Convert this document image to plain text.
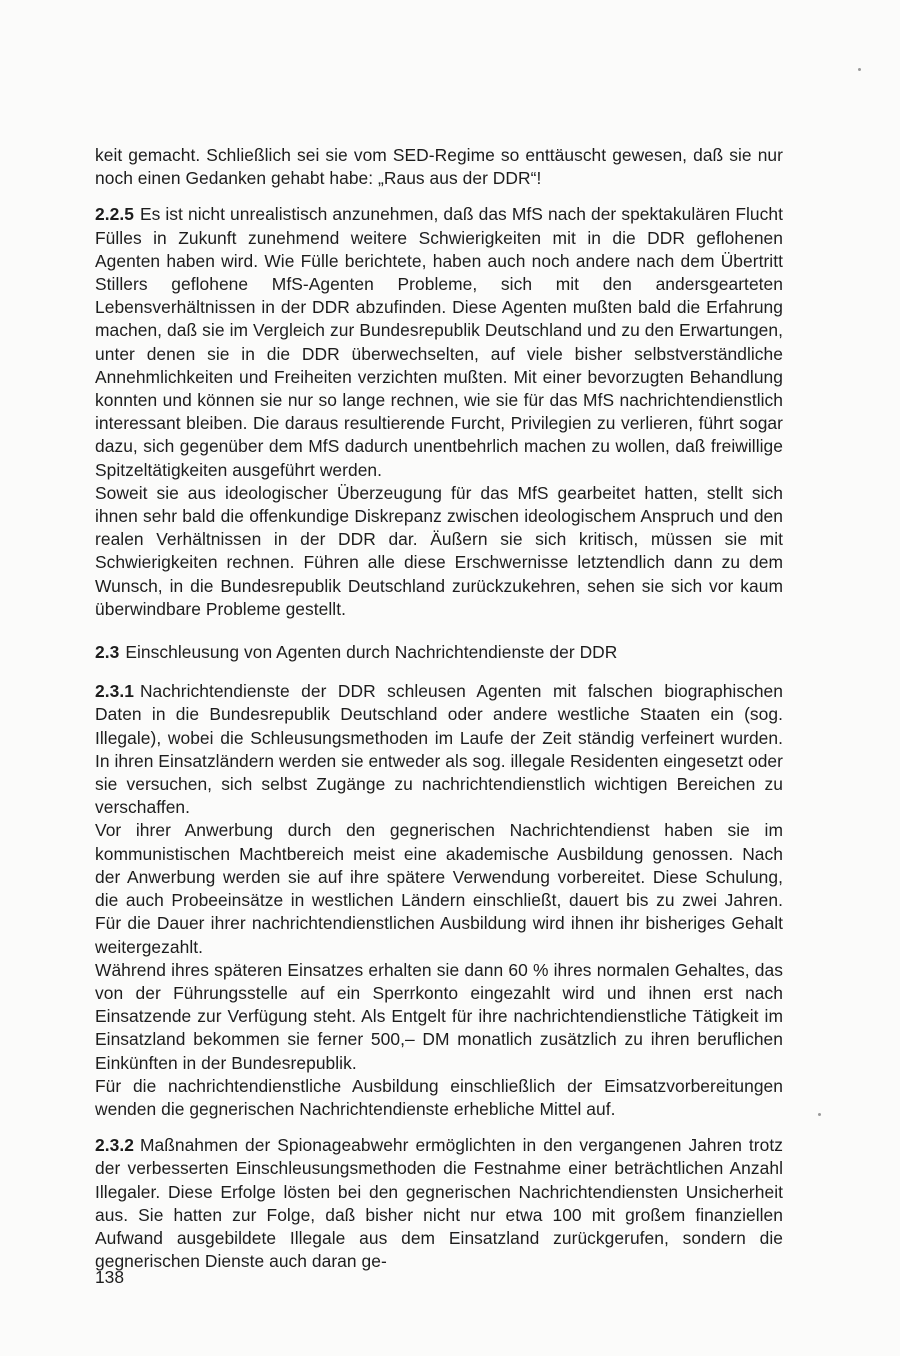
keit gemacht. Schließlich sei sie vom SED-Regime so enttäuscht gewesen, daß sie nur noch einen Gedanken gehabt habe: „Raus aus der DDR“!

2.2.5 Es ist nicht unrealistisch anzunehmen, daß das MfS nach der spektakulären Flucht Fülles in Zukunft zunehmend weitere Schwierigkeiten mit in die DDR geflohenen Agenten haben wird. Wie Fülle berichtete, haben auch noch andere nach dem Übertritt Stillers geflohene MfS-Agenten Probleme, sich mit den andersgearteten Lebensverhältnissen in der DDR abzufinden. Diese Agenten mußten bald die Erfahrung machen, daß sie im Vergleich zur Bundesrepublik Deutschland und zu den Erwartungen, unter denen sie in die DDR überwechselten, auf viele bisher selbstverständliche Annehmlichkeiten und Freiheiten verzichten mußten. Mit einer bevorzugten Behandlung konnten und können sie nur so lange rechnen, wie sie für das MfS nachrichtendienstlich interessant bleiben. Die daraus resultierende Furcht, Privilegien zu verlieren, führt sogar dazu, sich gegenüber dem MfS dadurch unentbehrlich machen zu wollen, daß freiwillige Spitzeltätigkeiten ausgeführt werden.

Soweit sie aus ideologischer Überzeugung für das MfS gearbeitet hatten, stellt sich ihnen sehr bald die offenkundige Diskrepanz zwischen ideologischem Anspruch und den realen Verhältnissen in der DDR dar. Äußern sie sich kritisch, müssen sie mit Schwierigkeiten rechnen. Führen alle diese Erschwernisse letztendlich dann zu dem Wunsch, in die Bundesrepublik Deutschland zurückzukehren, sehen sie sich vor kaum überwindbare Probleme gestellt.

2.3 Einschleusung von Agenten durch Nachrichtendienste der DDR

2.3.1 Nachrichtendienste der DDR schleusen Agenten mit falschen biographischen Daten in die Bundesrepublik Deutschland oder andere westliche Staaten ein (sog. Illegale), wobei die Schleusungsmethoden im Laufe der Zeit ständig verfeinert wurden. In ihren Einsatzländern werden sie entweder als sog. illegale Residenten eingesetzt oder sie versuchen, sich selbst Zugänge zu nachrichtendienstlich wichtigen Bereichen zu verschaffen.

Vor ihrer Anwerbung durch den gegnerischen Nachrichtendienst haben sie im kommunistischen Machtbereich meist eine akademische Ausbildung genossen. Nach der Anwerbung werden sie auf ihre spätere Verwendung vorbereitet. Diese Schulung, die auch Probeeinsätze in westlichen Ländern einschließt, dauert bis zu zwei Jahren. Für die Dauer ihrer nachrichtendienstlichen Ausbildung wird ihnen ihr bisheriges Gehalt weitergezahlt.

Während ihres späteren Einsatzes erhalten sie dann 60 % ihres normalen Gehaltes, das von der Führungsstelle auf ein Sperrkonto eingezahlt wird und ihnen erst nach Einsatzende zur Verfügung steht. Als Entgelt für ihre nachrichtendienstliche Tätigkeit im Einsatzland bekommen sie ferner 500,– DM monatlich zusätzlich zu ihren beruflichen Einkünften in der Bundesrepublik.

Für die nachrichtendienstliche Ausbildung einschließlich der Eimsatzvorbereitungen wenden die gegnerischen Nachrichtendienste erhebliche Mittel auf.

2.3.2 Maßnahmen der Spionageabwehr ermöglichten in den vergangenen Jahren trotz der verbesserten Einschleusungsmethoden die Festnahme einer beträchtlichen Anzahl Illegaler. Diese Erfolge lösten bei den gegnerischen Nachrichtendiensten Unsicherheit aus. Sie hatten zur Folge, daß bisher nicht nur etwa 100 mit großem finanziellen Aufwand ausgebildete Illegale aus dem Einsatzland zurückgerufen, sondern die gegnerischen Dienste auch daran ge-

138
